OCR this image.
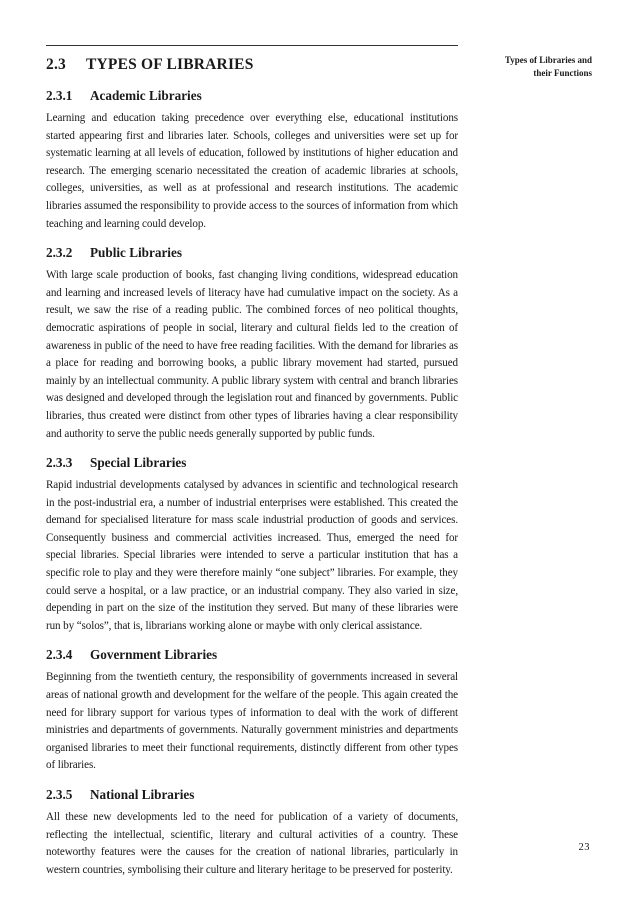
Types of Libraries and
their Functions
2.3	TYPES OF LIBRARIES
2.3.1	Academic Libraries

Learning and education taking precedence over everything else, educational institutions started appearing first and libraries later. Schools, colleges and universities were set up for systematic learning at all levels of education, followed by institutions of higher education and research. The emerging scenario necessitated the creation of academic libraries at schools, colleges, universities, as well as at professional and research institutions. The academic libraries assumed the responsibility to provide access to the sources of information from which teaching and learning could develop.

2.3.2	Public Libraries

With large scale production of books, fast changing living conditions, widespread education and learning and increased levels of literacy have had cumulative impact on the society. As a result, we saw the rise of a reading public. The combined forces of neo political thoughts, democratic aspirations of people in social, literary and cultural fields led to the creation of awareness in public of the need to have free reading facilities. With the demand for libraries as a place for reading and borrowing books, a public library movement had started, pursued mainly by an intellectual community. A public library system with central and branch libraries was designed and developed through the legislation rout and financed by governments. Public libraries, thus created were distinct from other types of libraries having a clear responsibility and authority to serve the public needs generally supported by public funds.

2.3.3	Special Libraries

Rapid industrial developments catalysed by advances in scientific and technological research in the post-industrial era, a number of industrial enterprises were established. This created the demand for specialised literature for mass scale industrial production of goods and services. Consequently business and commercial activities increased. Thus, emerged the need for special libraries. Special libraries were intended to serve a particular institution that has a specific role to play and they were therefore mainly “one subject” libraries. For example, they could serve a hospital, or a law practice, or an industrial company. They also varied in size, depending in part on the size of the institution they served. But many of these libraries were run by “solos”, that is, librarians working alone or maybe with only clerical assistance.

2.3.4	Government Libraries

Beginning from the twentieth century, the responsibility of governments increased in several areas of national growth and development for the welfare of the people. This again created the need for library support for various types of information to deal with the work of different ministries and departments of governments. Naturally government ministries and departments organised libraries to meet their functional requirements, distinctly different from other types of libraries.

2.3.5	National Libraries

All these new developments led to the need for publication of a variety of documents, reflecting the intellectual, scientific, literary and cultural activities of a country. These noteworthy features were the causes for the creation of national libraries, particularly in western countries, symbolising their culture and literary heritage to be preserved for posterity.

23
